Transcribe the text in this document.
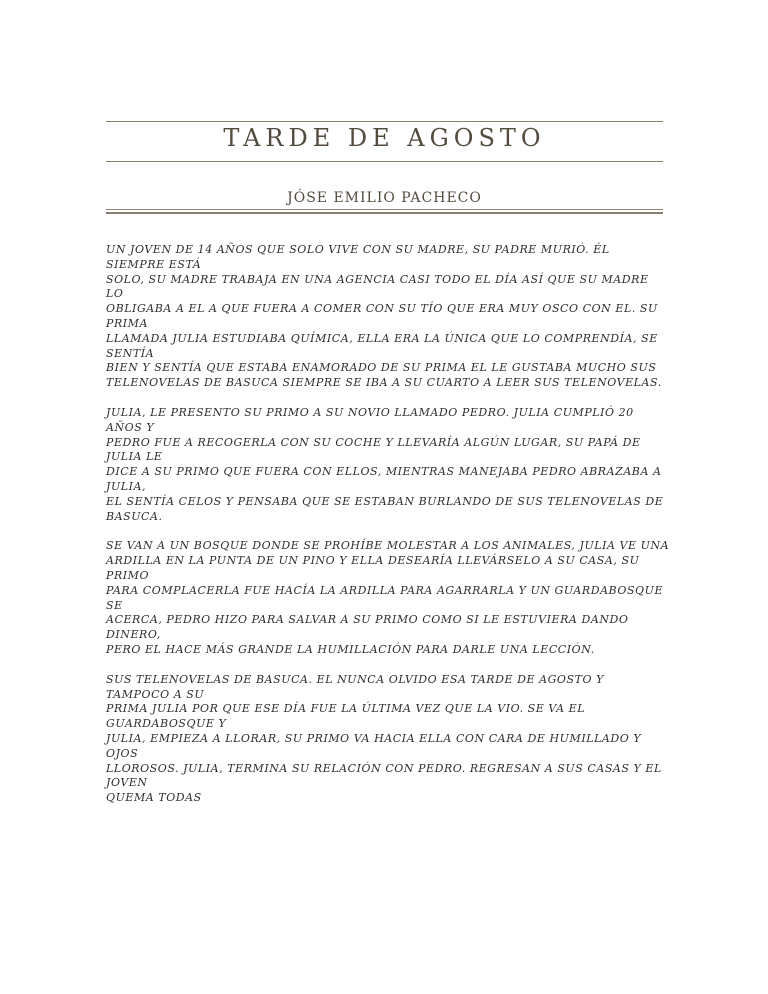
TARDE DE AGOSTO
JÓSE EMILIO PACHECO

UN JOVEN DE 14 AÑOS QUE SOLO VIVE CON SU MADRE, SU PADRE MURIÓ. ÉL SIEMPRE ESTÁ
SOLO, SU MADRE TRABAJA EN UNA AGENCIA CASI TODO EL DÍA ASÍ QUE SU MADRE LO
OBLIGABA A EL A QUE FUERA A COMER CON SU TÍO QUE ERA MUY OSCO CON EL. SU PRIMA
LLAMADA JULIA ESTUDIABA QUÍMICA, ELLA ERA LA ÚNICA QUE LO COMPRENDÍA, SE SENTÍA
BIEN Y SENTÍA QUE ESTABA ENAMORADO DE SU PRIMA EL LE GUSTABA MUCHO SUS
TELENOVELAS DE BASUCA SIEMPRE SE IBA A SU CUARTO A LEER SUS TELENOVELAS.

JULIA, LE PRESENTO SU PRIMO A SU NOVIO LLAMADO PEDRO. JULIA CUMPLIÓ 20 AÑOS Y
PEDRO FUE A RECOGERLA CON SU COCHE Y LLEVARÍA ALGÚN LUGAR, SU PAPÁ DE JULIA LE
DICE A SU PRIMO QUE FUERA CON ELLOS, MIENTRAS MANEJABA PEDRO ABRAZABA A JULIA,
EL SENTÍA CELOS Y PENSABA QUE SE ESTABAN BURLANDO DE SUS TELENOVELAS DE BASUCA.

SE VAN A UN BOSQUE DONDE SE PROHÍBE MOLESTAR A LOS ANIMALES, JULIA VE UNA
ARDILLA EN LA PUNTA DE UN PINO Y ELLA DESEARÍA LLEVÁRSELO A SU CASA, SU PRIMO
PARA COMPLACERLA FUE HACÍA LA ARDILLA PARA AGARRARLA Y UN GUARDABOSQUE SE
ACERCA, PEDRO HIZO PARA SALVAR A SU PRIMO COMO SI LE ESTUVIERA DANDO DINERO,
PERO EL HACE MÁS GRANDE LA HUMILLACIÓN PARA DARLE UNA LECCIÓN.

SUS TELENOVELAS DE BASUCA. EL NUNCA OLVIDO ESA TARDE DE AGOSTO Y TAMPOCO A SU
PRIMA JULIA POR QUE ESE DÍA FUE LA ÚLTIMA VEZ QUE LA VIO. SE VA EL GUARDABOSQUE Y
JULIA, EMPIEZA A LLORAR, SU PRIMO VA HACIA ELLA CON CARA DE HUMILLADO Y OJOS
LLOROSOS. JULIA, TERMINA SU RELACIÓN CON PEDRO. REGRESAN A SUS CASAS Y EL JOVEN
QUEMA TODAS
